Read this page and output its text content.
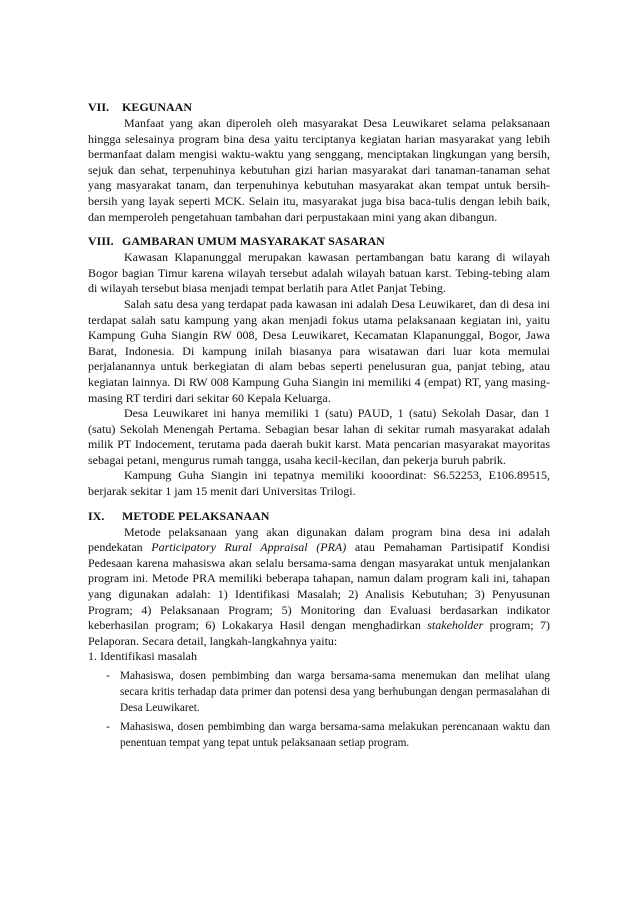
VII. KEGUNAAN

Manfaat yang akan diperoleh oleh masyarakat Desa Leuwikaret selama pelaksanaan hingga selesainya program bina desa yaitu terciptanya kegiatan harian masyarakat yang lebih bermanfaat dalam mengisi waktu-waktu yang senggang, menciptakan lingkungan yang bersih, sejuk dan sehat, terpenuhinya kebutuhan gizi harian masyarakat dari tanaman-tanaman sehat yang masyarakat tanam, dan terpenuhinya kebutuhan masyarakat akan tempat untuk bersih-bersih yang layak seperti MCK. Selain itu, masyarakat juga bisa baca-tulis dengan lebih baik, dan memperoleh pengetahuan tambahan dari perpustakaan mini yang akan dibangun.

VIII. GAMBARAN UMUM MASYARAKAT SASARAN

Kawasan Klapanunggal merupakan kawasan pertambangan batu karang di wilayah Bogor bagian Timur karena wilayah tersebut adalah wilayah batuan karst. Tebing-tebing alam di wilayah tersebut biasa menjadi tempat berlatih para Atlet Panjat Tebing.

Salah satu desa yang terdapat pada kawasan ini adalah Desa Leuwikaret, dan di desa ini terdapat salah satu kampung yang akan menjadi fokus utama pelaksanaan kegiatan ini, yaitu Kampung Guha Siangin RW 008, Desa Leuwikaret, Kecamatan Klapanunggal, Bogor, Jawa Barat, Indonesia. Di kampung inilah biasanya para wisatawan dari luar kota memulai perjalanannya untuk berkegiatan di alam bebas seperti penelusuran gua, panjat tebing, atau kegiatan lainnya. Di RW 008 Kampung Guha Siangin ini memiliki 4 (empat) RT, yang masing-masing RT terdiri dari sekitar 60 Kepala Keluarga.

Desa Leuwikaret ini hanya memiliki 1 (satu) PAUD, 1 (satu) Sekolah Dasar, dan 1 (satu) Sekolah Menengah Pertama. Sebagian besar lahan di sekitar rumah masyarakat adalah milik PT Indocement, terutama pada daerah bukit karst. Mata pencarian masyarakat mayoritas sebagai petani, mengurus rumah tangga, usaha kecil-kecilan, dan pekerja buruh pabrik.

Kampung Guha Siangin ini tepatnya memiliki kooordinat: S6.52253, E106.89515, berjarak sekitar 1 jam 15 menit dari Universitas Trilogi.

IX. METODE PELAKSANAAN

Metode pelaksanaan yang akan digunakan dalam program bina desa ini adalah pendekatan Participatory Rural Appraisal (PRA) atau Pemahaman Partisipatif Kondisi Pedesaan karena mahasiswa akan selalu bersama-sama dengan masyarakat untuk menjalankan program ini. Metode PRA memiliki beberapa tahapan, namun dalam program kali ini, tahapan yang digunakan adalah: 1) Identifikasi Masalah; 2) Analisis Kebutuhan; 3) Penyusunan Program; 4) Pelaksanaan Program; 5) Monitoring dan Evaluasi berdasarkan indikator keberhasilan program; 6) Lokakarya Hasil dengan menghadirkan stakeholder program; 7) Pelaporan. Secara detail, langkah-langkahnya yaitu:

1. Identifikasi masalah

- Mahasiswa, dosen pembimbing dan warga bersama-sama menemukan dan melihat ulang secara kritis terhadap data primer dan potensi desa yang berhubungan dengan permasalahan di Desa Leuwikaret.
- Mahasiswa, dosen pembimbing dan warga bersama-sama melakukan perencanaan waktu dan penentuan tempat yang tepat untuk pelaksanaan setiap program.
